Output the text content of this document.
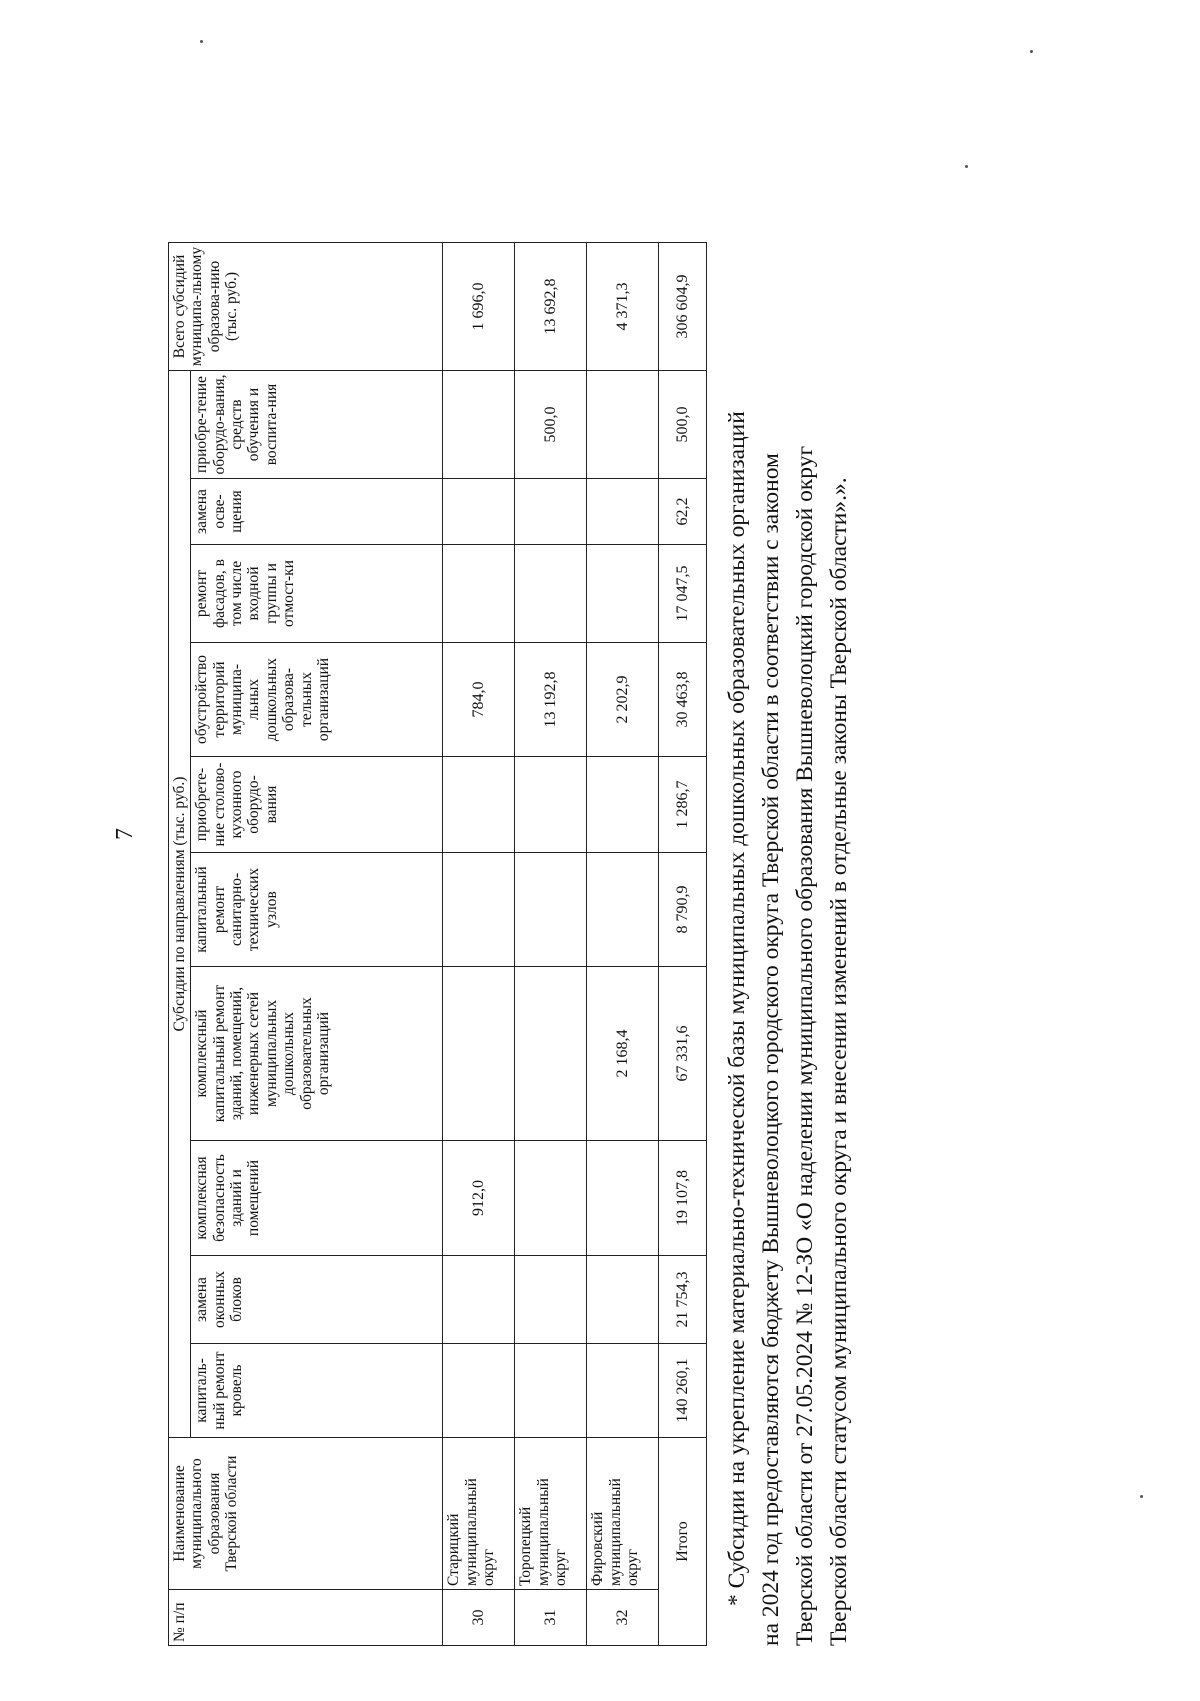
№ п/п	Наименование муниципального образования Тверской области	Субсидии по направлениям (тыс. руб.)										Всего субсидий муниципа-льному образова-нию (тыс. руб.)
		капиталь-ный ремонт кровель	замена оконных блоков	комплексная безопасность зданий и помещений	комплексный капитальный ремонт зданий, помещений, инженерных сетей муниципальных дошкольных образовательных организаций	капитальный ремонт санитарно-технических узлов	приобрете-ние столово-кухонного оборудо-вания	обустройство территорий муниципа-льных дошкольных образова-тельных организаций	ремонт фасадов, в том числе входной группы и отмост-ки	замена осве-щения	приобре-тение оборудо-вания, средств обучения и воспита-ния	
30	Старицкий муниципальный округ			912,0				784,0				1 696,0
31	Торопецкий муниципальный округ							13 192,8			500,0	13 692,8
32	Фировский муниципальный округ				2 168,4			2 202,9				4 371,3
Итого		140 260,1	21 754,3	19 107,8	67 331,6	8 790,9	1 286,7	30 463,8	17 047,5	62,2	500,0	306 604,9
* Субсидии на укрепление материально-технической базы муниципальных дошкольных образовательных организаций на 2024 год предоставляются бюджету Вышневолоцкого городского округа Тверской области в соответствии с законом Тверской области от 27.05.2024 № 12-ЗО «О наделении муниципального образования Вышневолоцкий городской округ Тверской области статусом муниципального округа и внесении изменений в отдельные законы Тверской области».».
7
